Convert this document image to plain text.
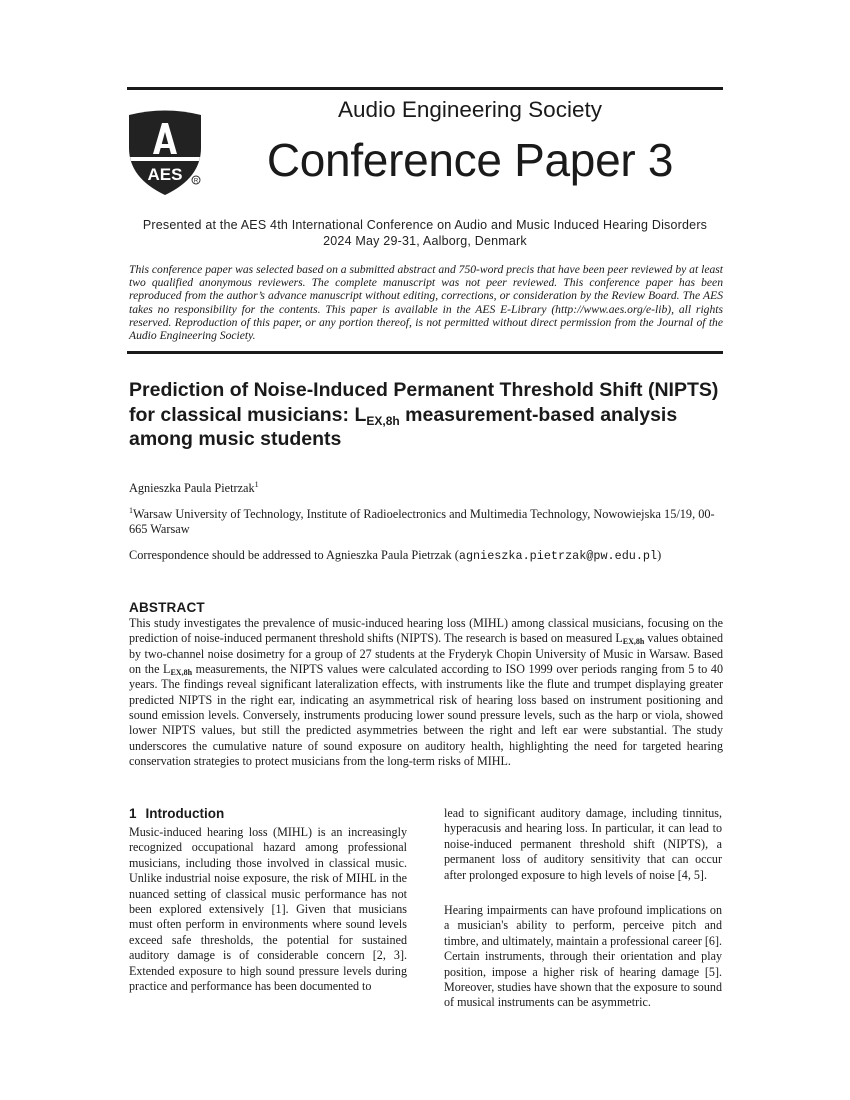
AES R
Audio Engineering Society
Conference Paper 3
Presented at the AES 4th International Conference on Audio and Music Induced Hearing Disorders
2024 May 29-31, Aalborg, Denmark
This conference paper was selected based on a submitted abstract and 750-word precis that have been peer reviewed by at least two qualified anonymous reviewers. The complete manuscript was not peer reviewed. This conference paper has been reproduced from the author’s advance manuscript without editing, corrections, or consideration by the Review Board. The AES takes no responsibility for the contents. This paper is available in the AES E-Library (http://www.aes.org/e-lib), all rights reserved. Reproduction of this paper, or any portion thereof, is not permitted without direct permission from the Journal of the Audio Engineering Society.
Prediction of Noise-Induced Permanent Threshold Shift (NIPTS) for classical musicians: $L_{EX,8h}$ measurement-based analysis among music students
Agnieszka Paula Pietrzak$^1$
$^1$Warsaw University of Technology, Institute of Radioelectronics and Multimedia Technology, Nowowiejska 15/19, 00-665 Warsaw
Correspondence should be addressed to Agnieszka Paula Pietrzak (agnieszka.pietrzak@pw.edu.pl)
ABSTRACT
This study investigates the prevalence of music-induced hearing loss (MIHL) among classical musicians, focusing on the prediction of noise-induced permanent threshold shifts (NIPTS). The research is based on measured LEX,8h values obtained by two-channel noise dosimetry for a group of 27 students at the Fryderyk Chopin University of Music in Warsaw. Based on the LEX,8h measurements, the NIPTS values were calculated according to ISO 1999 over periods ranging from 5 to 40 years. The findings reveal significant lateralization effects, with instruments like the flute and trumpet displaying greater predicted NIPTS in the right ear, indicating an asymmetrical risk of hearing loss based on instrument positioning and sound emission levels. Conversely, instruments producing lower sound pressure levels, such as the harp or viola, showed lower NIPTS values, but still the predicted asymmetries between the right and left ear were substantial. The study underscores the cumulative nature of sound exposure on auditory health, highlighting the need for targeted hearing conservation strategies to protect musicians from the long-term risks of MIHL.
1 Introduction

Music-induced hearing loss (MIHL) is an increasingly recognized occupational hazard among professional musicians, including those involved in classical music. Unlike industrial noise exposure, the risk of MIHL in the nuanced setting of classical music performance has not been explored extensively [1]. Given that musicians must often perform in environments where sound levels exceed safe thresholds, the potential for sustained auditory damage is of considerable concern [2, 3]. Extended exposure to high sound pressure levels during practice and performance has been documented to

lead to significant auditory damage, including tinnitus, hyperacusis and hearing loss. In particular, it can lead to noise-induced permanent threshold shift (NIPTS), a permanent loss of auditory sensitivity that can occur after prolonged exposure to high levels of noise [4, 5].

Hearing impairments can have profound implications on a musician's ability to perform, perceive pitch and timbre, and ultimately, maintain a professional career [6]. Certain instruments, through their orientation and play position, impose a higher risk of hearing damage [5]. Moreover, studies have shown that the exposure to sound of musical instruments can be asymmetric.
